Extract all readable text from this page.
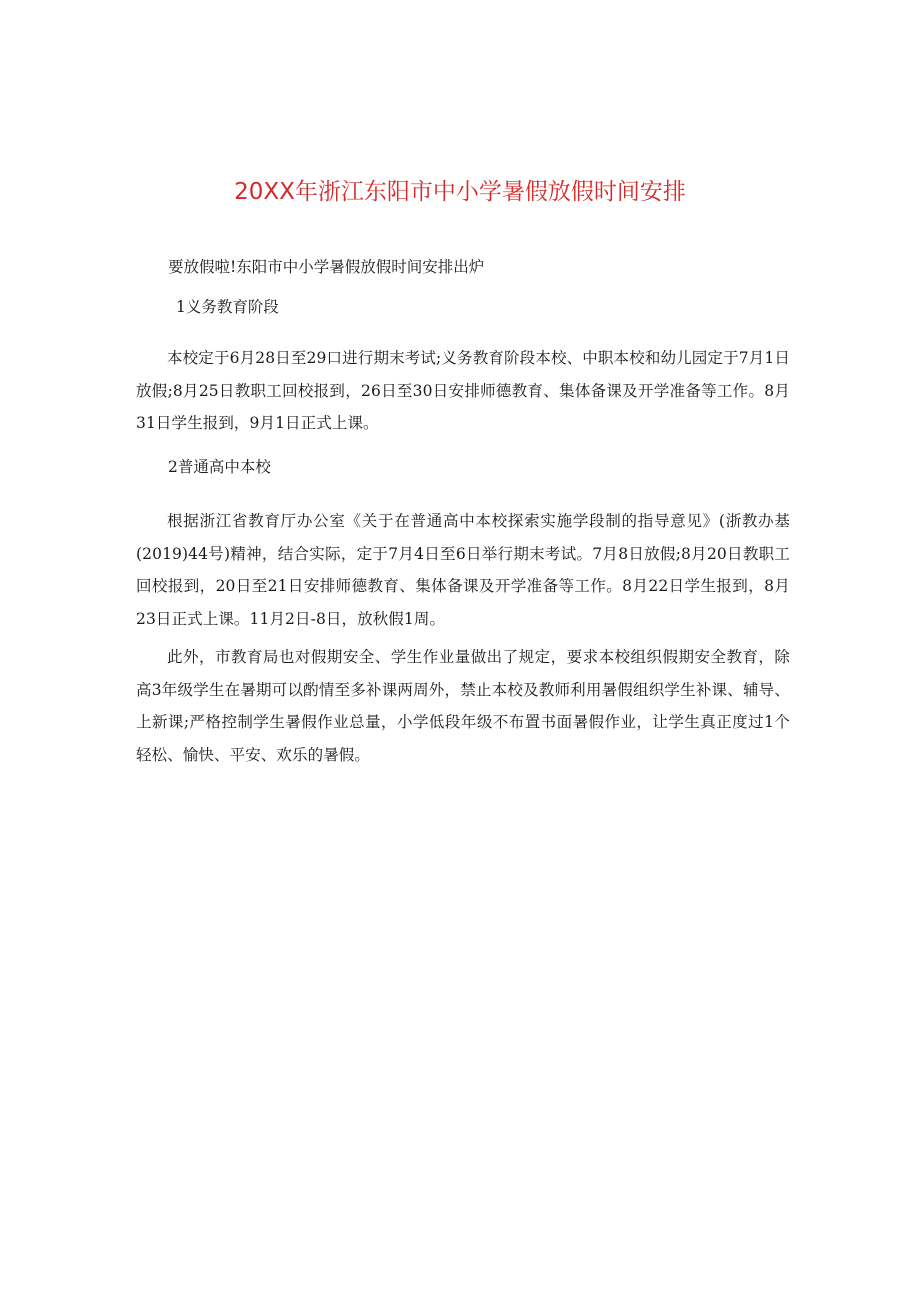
20XX年浙江东阳市中小学暑假放假时间安排

要放假啦!东阳市中小学暑假放假时间安排出炉

1义务教育阶段

本校定于6月28日至29口进行期末考试;义务教育阶段本校、中职本校和幼儿园定于7月1日放假;8月25日教职工回校报到，26日至30日安排师德教育、集体备课及开学准备等工作。8月31日学生报到，9月1日正式上课。

2普通高中本校

根据浙江省教育厅办公室《关于在普通高中本校探索实施学段制的指导意见》(浙教办基(2019)44号)精神，结合实际，定于7月4日至6日举行期末考试。7月8日放假;8月20日教职工回校报到，20日至21日安排师德教育、集体备课及开学准备等工作。8月22日学生报到，8月23日正式上课。11月2日-8日，放秋假1周。

此外，市教育局也对假期安全、学生作业量做出了规定，要求本校组织假期安全教育，除高3年级学生在暑期可以酌情至多补课两周外，禁止本校及教师利用暑假组织学生补课、辅导、上新课;严格控制学生暑假作业总量，小学低段年级不布置书面暑假作业，让学生真正度过1个轻松、愉快、平安、欢乐的暑假。
